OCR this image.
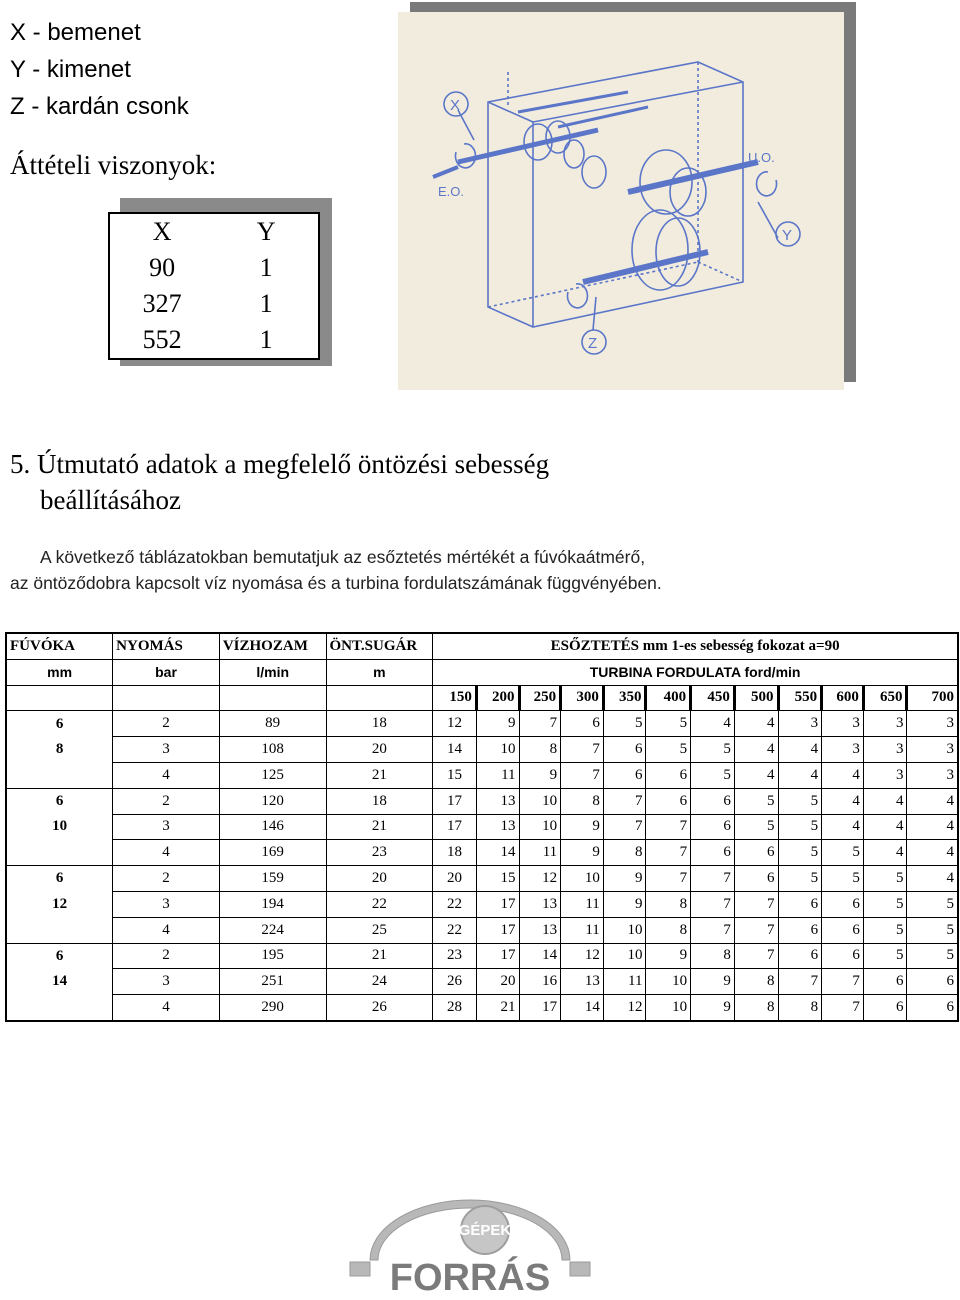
X - bemenet
Y - kimenet
Z - kardán csonk
Áttételi viszonyok:
X	Y
90	1
327	1
552	1
X
Y
Z
E.O.
U.O.
5. Útmutató adatok a megfelelő öntözési sebesség
beállításához
A következő táblázatokban bemutatjuk az esőztetés mértékét a fúvókaátmérő,
az öntöződobra kapcsolt víz nyomása és a turbina fordulatszámának függvényében.
FÚVÓKA	NYOMÁS	VÍZHOZAM	ÖNT.SUGÁR	ESŐZTETÉS mm 1-es sebesség fokozat a=90											
mm	bar	l/min	m	TURBINA FORDULATA ford/min											
				150	200	250	300	350	400	450	500	550	600	650	700
6	2	89	18	12	9	7	6	5	5	4	4	3	3	3	3
8	3	108	20	14	10	8	7	6	5	5	4	4	3	3	3
	4	125	21	15	11	9	7	6	6	5	4	4	4	3	3
6	2	120	18	17	13	10	8	7	6	6	5	5	4	4	4
10	3	146	21	17	13	10	9	7	7	6	5	5	4	4	4
	4	169	23	18	14	11	9	8	7	6	6	5	5	4	4
6	2	159	20	20	15	12	10	9	7	7	6	5	5	5	4
12	3	194	22	22	17	13	11	9	8	7	7	6	6	5	5
	4	224	25	22	17	13	11	10	8	7	7	6	6	5	5
6	2	195	21	23	17	14	12	10	9	8	7	6	6	5	5
14	3	251	24	26	20	16	13	11	10	9	8	7	7	6	6
	4	290	26	28	21	17	14	12	10	9	8	8	7	6	6
GÉPEK
FORRÁS
